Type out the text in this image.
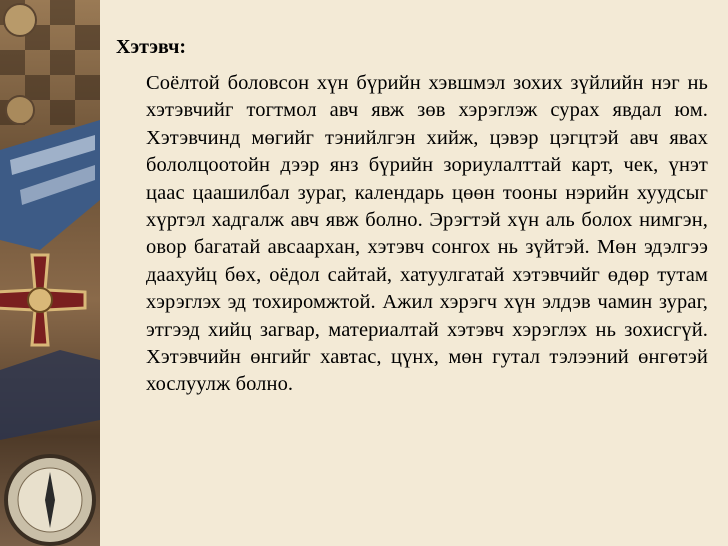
Хэтэвч:
Соёлтой боловсон хүн бүрийн хэвшмэл зохих зүйлийн нэг нь хэтэвчийг тогтмол авч явж зөв хэрэглэж сурах явдал юм. Хэтэвчинд мөгийг тэнийлгэн хийж, цэвэр цэгцтэй авч явах бололцоотойн дээр янз бүрийн зориулалттай карт, чек, үнэт цаас цаашилбал зураг, календарь цөөн тооны нэрийн хуудсыг хүртэл хадгалж авч явж болно. Эрэгтэй хүн аль болох нимгэн, овор багатай авсаархан, хэтэвч сонгох нь зүйтэй. Мөн эдэлгээ даахуйц бөх, оёдол сайтай, хатуулгатай хэтэвчийг өдөр тутам хэрэглэх эд тохиромжтой. Ажил хэрэгч хүн элдэв чамин зураг, этгээд хийц загвар, материалтай хэтэвч хэрэглэх нь зохисгүй. Хэтэвчийн өнгийг хавтас, цүнх, мөн гутал тэлээний өнгөтэй хослуулж болно.
